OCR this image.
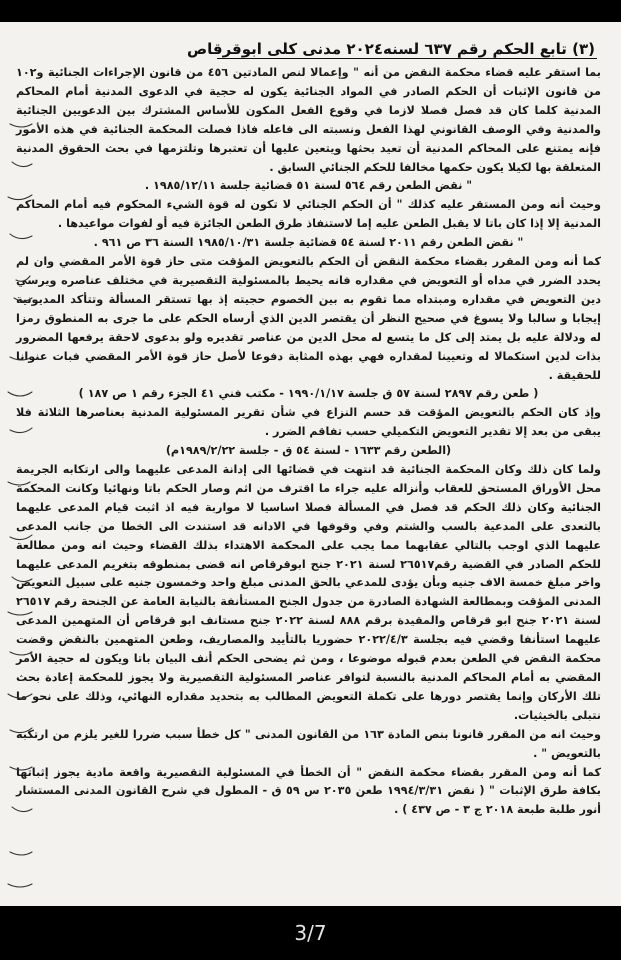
(٣) تابع الحكم رقم ٦٣٧ لسنه٢٠٢٤ مدنى كلى ابوقرقاص

بما استقر عليه قضاء محكمة النقض من أنه " وإعمالا لنص المادتين ٤٥٦ من قانون الإجراءات الجنائية و١٠٢ من قانون الإثبات أن الحكم الصادر في المواد الجنائية يكون له حجية في الدعوى المدنية أمام المحاكم المدنية كلما كان قد فصل فصلا لازما في وقوع الفعل المكون للأساس المشترك بين الدعويين الجنائية والمدنية وفي الوصف القانوني لهذا الفعل ونسبته الى فاعله فاذا فصلت المحكمة الجنائية في هذه الأمور فإنه يمتنع على المحاكم المدنية أن تعيد بحثها ويتعين عليها أن تعتبرها وتلتزمها في بحث الحقوق المدنية المتعلقة بها لكيلا يكون حكمها مخالفا للحكم الجنائي السابق .

" نقض الطعن رقم ٥٦٤ لسنة ٥١ قضائية جلسة ١٩٨٥/١٢/١١ .

وحيث أنه ومن المستقر عليه كذلك " أن الحكم الجنائي لا تكون له قوة الشيء المحكوم فيه أمام المحاكم المدنية إلا إذا كان باتا لا يقبل الطعن عليه إما لاستنفاذ طرق الطعن الجائزة فيه أو لفوات مواعيدها .

" نقض الطعن رقم ٢٠١١ لسنة ٥٤ قضائية جلسة ١٩٨٥/١٠/٣١ السنة ٣٦ ص ٩٦١ .

كما أنه ومن المقرر بقضاء محكمة النقض أن الحكم بالتعويض المؤقت متى حاز قوة الأمر المقضي وان لم يحدد الضرر في مداه أو التعويض في مقداره فانه يحيط بالمسئولية التقصيرية في مختلف عناصره ويرسي دين التعويض في مقداره ومبتداه مما تقوم به بين الخصوم حجيته إذ بها تستقر المسألة وتتأكد المديونية إيجابا و سالبا ولا يسوغ في صحيح النظر أن يقتصر الدين الذي أرساه الحكم على ما جرى به المنطوق رمزا له ودلالة عليه بل يمتد إلى كل ما يتسع له محل الدين من عناصر تقديره ولو بدعوى لاحقة يرفعها المضرور بذات لدين استكمالا له وتعيينا لمقداره فهي بهذه المثابة دفوعا لأصل حاز قوة الأمر المقضي فبات عنوانا للحقيقة .

( طعن رقم ٢٨٩٧ لسنة ٥٧ ق جلسة ١٩٩٠/١/١٧ - مكتب فني ٤١ الجزء رقم ١ ص ١٨٧ )

وإذ كان الحكم بالتعويض المؤقت قد حسم النزاع في شأن تقرير المسئولية المدنية بعناصرها الثلاثة فلا يبقى من بعد إلا تقدير التعويض التكميلي حسب تفاقم الضرر .

(الطعن رقم ١٦٣٣ - لسنة ٥٤ ق - جلسة ١٩٨٩/٢/٢٢م)

ولما كان ذلك وكان المحكمة الجنائية قد انتهت في قضائها الى إدانة المدعى عليهما والى ارتكابه الجريمة محل الأوراق المستحق للعقاب وأنزاله عليه جراء ما اقترف من اثم وصار الحكم باتا ونهائيا وكانت المحكمة الجنائية وكان ذلك الحكم قد فصل في المسألة فصلا اساسيا لا مواربة فيه اذ اثبت قيام المدعى عليهما بالتعدى على المدعية بالسب والشتم وفي وقوفها في الادانه قد استندت الى الخطا من جانب المدعى عليهما الذي اوجب بالتالي عقابهما مما يجب على المحكمة الاهتداء بذلك القضاء وحيث انه ومن مطالعة للحكم الصادر في القضية رقم٢٦٥١٧ لسنة ٢٠٢١ جنح ابوقرقاص انه قضى بمنطوقه بتغريم المدعى عليهما واخر مبلغ خمسة الاف جنيه وبأن يؤدى للمدعي بالحق المدنى مبلغ واحد وخمسون جنيه على سبيل التعويض المدنى المؤقت وبمطالعة الشهادة الصادرة من جدول الجنح المستأنفة بالنيابة العامة عن الجنحة رقم ٢٦٥١٧ لسنة ٢٠٢١ جنح ابو قرقاص والمقيدة برقم ٨٨٨ لسنة ٢٠٢٢ جنح مستانف ابو قرقاص أن المتهمين المدعى عليهما استأنفا وقضي فيه بجلسة ٢٠٢٢/٤/٣ حضوريا بالتأييد والمصاريف، وطعن المتهمين بالنقض وقضت محكمة النقض في الطعن بعدم قبوله موضوعا ، ومن ثم يضحى الحكم أنف البيان باتا ويكون له حجية الأمر المقضي به أمام المحاكم المدنية بالنسبة لتوافر عناصر المسئولية التقصيرية ولا يجوز للمحكمة إعادة بحث تلك الأركان وإنما يقتصر دورها على تكملة التعويض المطالب به بتحديد مقداره النهائي، وذلك على نحو ما نتبلى بالخيثيات.

وحيث انه من المقرر قانونا بنص المادة ١٦٣ من القانون المدنى " كل خطأ سبب ضررا للغير يلزم من ارتكبه بالتعويض " .

كما أنه ومن المقرر بقضاء محكمة النقض " أن الخطأ في المسئولية التقصيرية واقعة مادية يجوز إثباتها بكافة طرق الإثبات " ( نقض ١٩٩٤/٣/٣١ طعن ٢٠٣٥ س ٥٩ ق - المطول في شرح القانون المدنى المستشار أنور طلبة طبعة ٢٠١٨ ج ٣ - ص ٤٣٧ ) .

3/7
